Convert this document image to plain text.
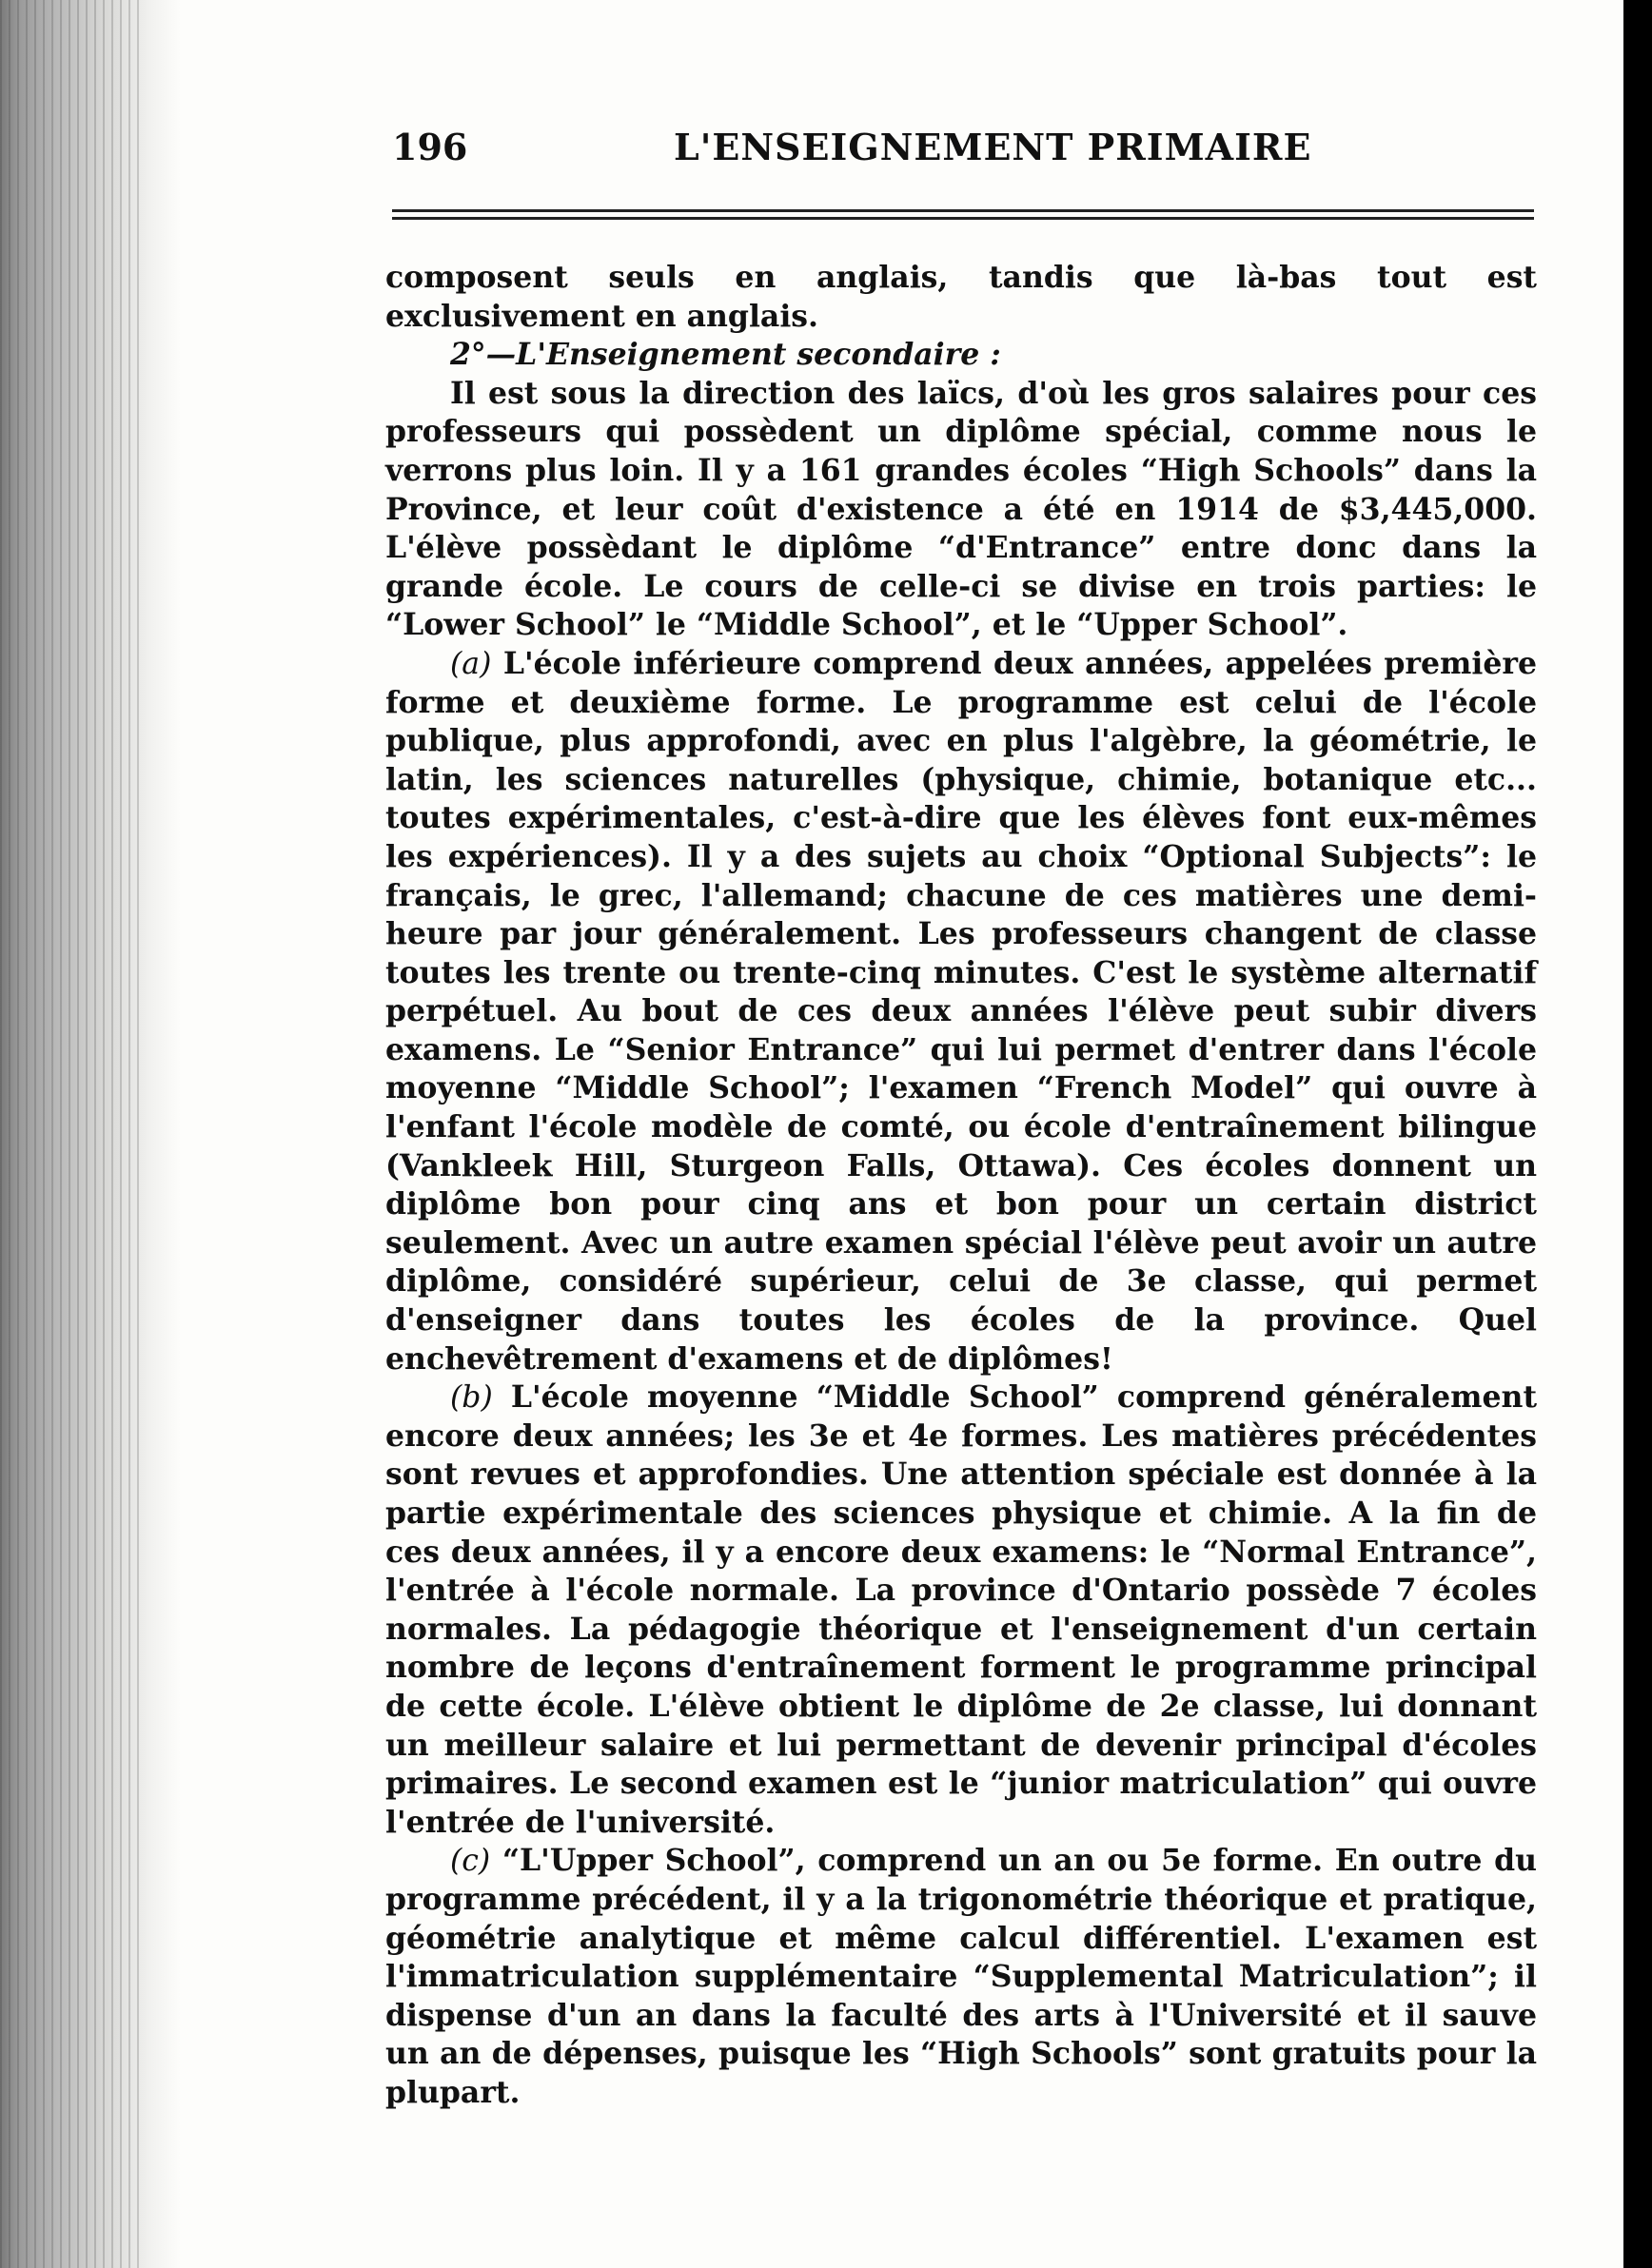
196	L'ENSEIGNEMENT PRIMAIRE

composent seuls en anglais, tandis que là-bas tout est exclusivement en anglais.

2°—L'Enseignement secondaire :

Il est sous la direction des laïcs, d'où les gros salaires pour ces professeurs qui possèdent un diplôme spécial, comme nous le verrons plus loin. Il y a 161 grandes écoles “High Schools” dans la Province, et leur coût d'existence a été en 1914 de $3,445,000. L'élève possèdant le diplôme “d'Entrance” entre donc dans la grande école. Le cours de celle-ci se divise en trois parties: le “Lower School” le “Middle School”, et le “Upper School”.

(a) L'école inférieure comprend deux années, appelées première forme et deuxième forme. Le programme est celui de l'école publique, plus approfondi, avec en plus l'algèbre, la géométrie, le latin, les sciences naturelles (physique, chimie, botanique etc... toutes expérimentales, c'est-à-dire que les élèves font eux-mêmes les expériences). Il y a des sujets au choix “Optional Subjects”: le français, le grec, l'allemand; chacune de ces matières une demi-heure par jour généralement. Les professeurs changent de classe toutes les trente ou trente-cinq minutes. C'est le système alternatif perpétuel. Au bout de ces deux années l'élève peut subir divers examens. Le “Senior Entrance” qui lui permet d'entrer dans l'école moyenne “Middle School”; l'examen “French Model” qui ouvre à l'enfant l'école modèle de comté, ou école d'entraînement bilingue (Vankleek Hill, Sturgeon Falls, Ottawa). Ces écoles donnent un diplôme bon pour cinq ans et bon pour un certain district seulement. Avec un autre examen spécial l'élève peut avoir un autre diplôme, considéré supérieur, celui de 3e classe, qui permet d'enseigner dans toutes les écoles de la province. Quel enchevêtrement d'examens et de diplômes!

(b) L'école moyenne “Middle School” comprend généralement encore deux années; les 3e et 4e formes. Les matières précédentes sont revues et approfondies. Une attention spéciale est donnée à la partie expérimentale des sciences physique et chimie. A la fin de ces deux années, il y a encore deux examens: le “Normal Entrance”, l'entrée à l'école normale. La province d'Ontario possède 7 écoles normales. La pédagogie théorique et l'enseignement d'un certain nombre de leçons d'entraînement forment le programme principal de cette école. L'élève obtient le diplôme de 2e classe, lui donnant un meilleur salaire et lui permettant de devenir principal d'écoles primaires. Le second examen est le “junior matriculation” qui ouvre l'entrée de l'université.

(c) “L'Upper School”, comprend un an ou 5e forme. En outre du programme précédent, il y a la trigonométrie théorique et pratique, géométrie analytique et même calcul différentiel. L'examen est l'immatriculation supplémentaire “Supplemental Matriculation”; il dispense d'un an dans la faculté des arts à l'Université et il sauve un an de dépenses, puisque les “High Schools” sont gratuits pour la plupart.
